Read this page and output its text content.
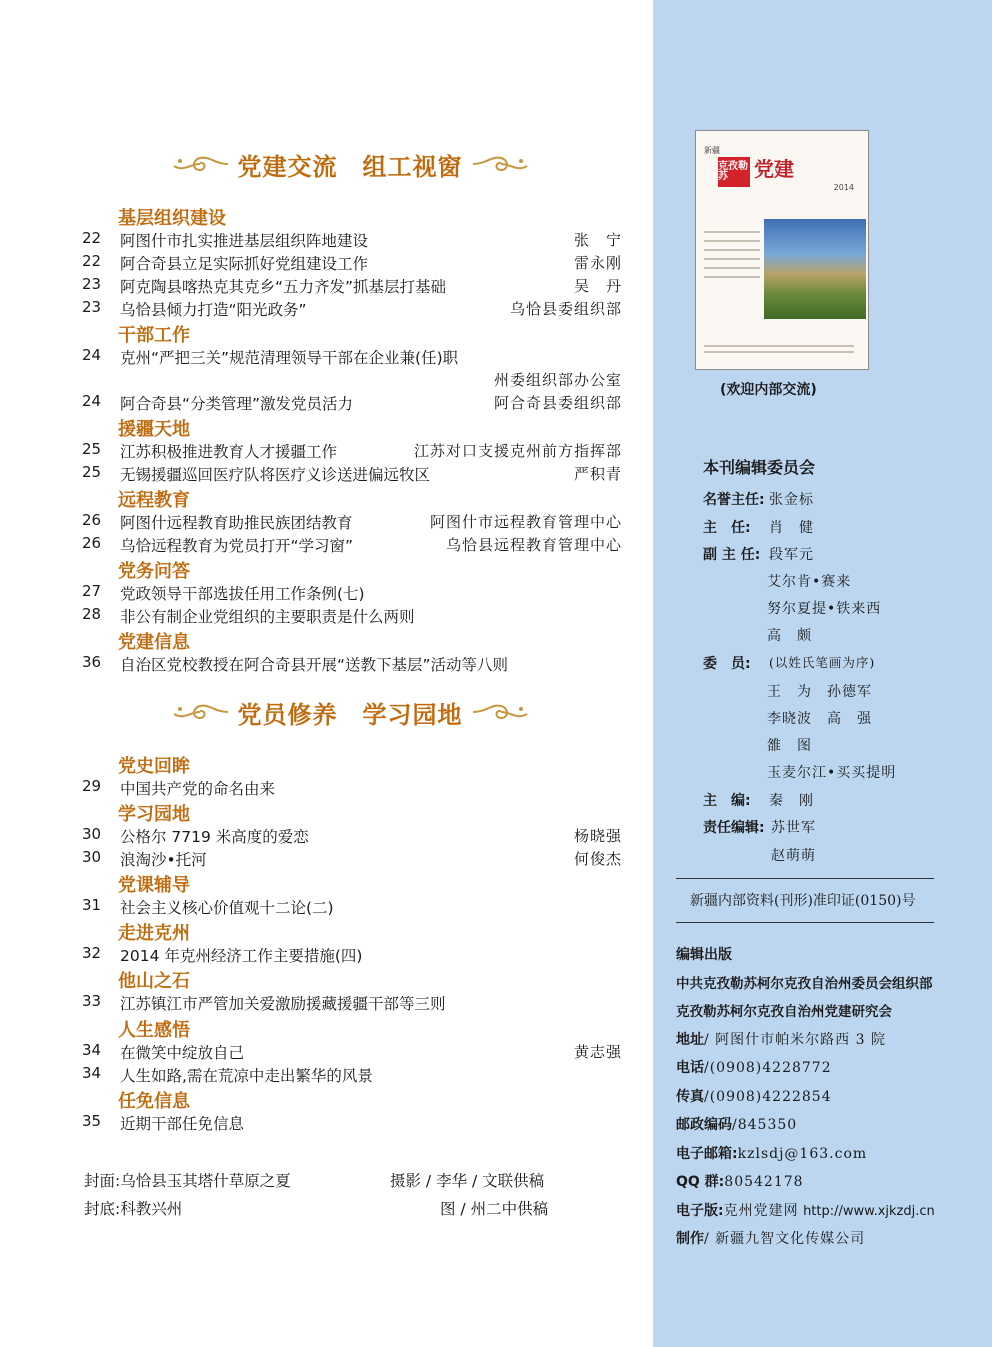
党建交流　组工视窗
基层组织建设
22	阿图什市扎实推进基层组织阵地建设	张　宁
22	阿合奇县立足实际抓好党组建设工作	雷永刚
23	阿克陶县喀热克其克乡“五力齐发”抓基层打基础	吴　丹
23	乌恰县倾力打造“阳光政务”	乌恰县委组织部
干部工作
24	克州“严把三关”规范清理领导干部在企业兼(任)职
州委组织部办公室
24	阿合奇县“分类管理”激发党员活力	阿合奇县委组织部
援疆天地
25	江苏积极推进教育人才援疆工作	江苏对口支援克州前方指挥部
25	无锡援疆巡回医疗队将医疗义诊送进偏远牧区	严积青
远程教育
26	阿图什远程教育助推民族团结教育	阿图什市远程教育管理中心
26	乌恰远程教育为党员打开“学习窗”	乌恰县远程教育管理中心
党务问答
27	党政领导干部选拔任用工作条例(七)
28	非公有制企业党组织的主要职责是什么两则
党建信息
36	自治区党校教授在阿合奇县开展“送教下基层”活动等八则
党员修养　学习园地
党史回眸
29	中国共产党的命名由来
学习园地
30	公格尔 7719 米高度的爱恋	杨晓强
30	浪淘沙•托河	何俊杰
党课辅导
31	社会主义核心价值观十二论(二)
走进克州
32	2014 年克州经济工作主要措施(四)
他山之石
33	江苏镇江市严管加关爱激励援藏援疆干部等三则
人生感悟
34	在微笑中绽放自己	黄志强
34	人生如路,需在荒凉中走出繁华的风景
任免信息
35	近期干部任免信息
封面:乌恰县玉其塔什草原之夏	摄影 / 李华 / 文联供稿
封底:科教兴州	图 / 州二中供稿
新疆
克孜勒苏	党建
2014
(欢迎内部交流)
本刊编辑委员会
名誉主任: 张金标
主　任: 肖　健
副 主 任: 段军元
艾尔肯•赛来
努尔夏提•铁来西
高　颇
委　员: (以姓氏笔画为序)
王　为　孙德军
李晓波　高　强
雒　图
玉麦尔江•买买提明
主　编: 秦　刚
责任编辑: 苏世军
赵萌萌
新疆内部资料(刊形)准印证(0150)号
编辑出版
中共克孜勒苏柯尔克孜自治州委员会组织部
克孜勒苏柯尔克孜自治州党建研究会
地址/ 阿图什市帕米尔路西 3 院
电话/(0908)4228772
传真/(0908)4222854
邮政编码/845350
电子邮箱:kzlsdj@163.com
QQ 群:80542178
电子版:克州党建网 http://www.xjkzdj.cn
制作/ 新疆九智文化传媒公司
